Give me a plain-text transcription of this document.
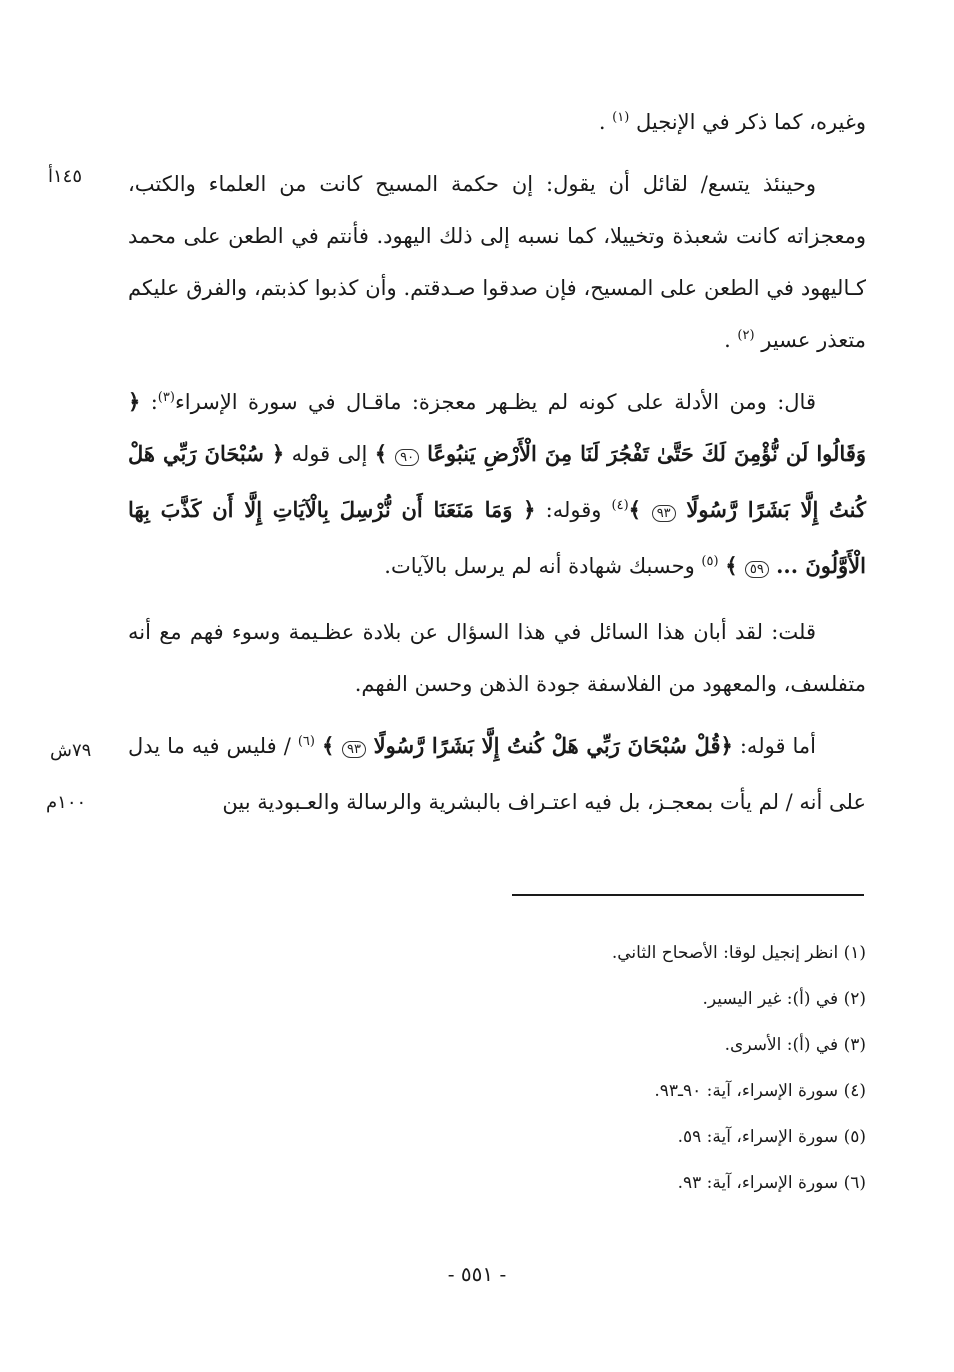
وغيره، كما ذكر في الإنجيل $^{(١)}$ .

وحينئذ يتسع/ لقائل أن يقول: إن حكمة المسيح كانت من العلماء والكتب، ومعجزاته كانت شعبذة وتخييلا، كما نسبه إلى ذلك اليهود. فأنتم في الطعن على محمد كـاليهود في الطعن على المسيح، فإن صدقوا صـدقتم. وأن كذبوا كذبتم، والفرق عليكم متعذر عسير $^{(٢)}$ .

قال: ومن الأدلة على كونه لم يظـهر معجزة: ماقـال في سورة الإسراء$^{(٣)}$: ﴿ وَقَالُوا لَن نُّؤْمِنَ لَكَ حَتَّىٰ تَفْجُرَ لَنَا مِنَ الْأَرْضِ يَنبُوعًا ٩٠ ﴾ إلى قوله ﴿ سُبْحَانَ رَبِّي هَلْ كُنتُ إِلَّا بَشَرًا رَّسُولًا ٩٣ ﴾$^{(٤)}$ وقوله: ﴿ وَمَا مَنَعَنَا أَن نُّرْسِلَ بِالْآيَاتِ إِلَّا أَن كَذَّبَ بِهَا الْأَوَّلُونَ ... ٥٩ ﴾ $^{(٥)}$ وحسبك شهادة أنه لم يرسل بالآيات.

قلت: لقد أبان هذا السائل في هذا السؤال عن بلادة عظـيمة وسوء فهم مع أنه متفلسف، والمعهود من الفلاسفة جودة الذهن وحسن الفهم.

أما قوله: ﴿قُلْ سُبْحَانَ رَبِّي هَلْ كُنتُ إِلَّا بَشَرًا رَّسُولًا ٩٣ ﴾ $^{(٦)}$ / فليس فيه ما يدل على أنه / لم يأت بمعجـز، بل فيه اعتـراف بالبشرية والرسالة والعـبودية بين

١٤٥أ
٧٩ش
١٠٠م

(١) انظر إنجيل لوقا: الأصحاح الثاني.

(٢) في (أ): غير اليسير.

(٣) في (أ): الأسرى.

(٤) سورة الإسراء، آية: ٩٠ـ٩٣.

(٥) سورة الإسراء، آية: ٥٩.

(٦) سورة الإسراء، آية: ٩٣.

- ٥٥١ -
